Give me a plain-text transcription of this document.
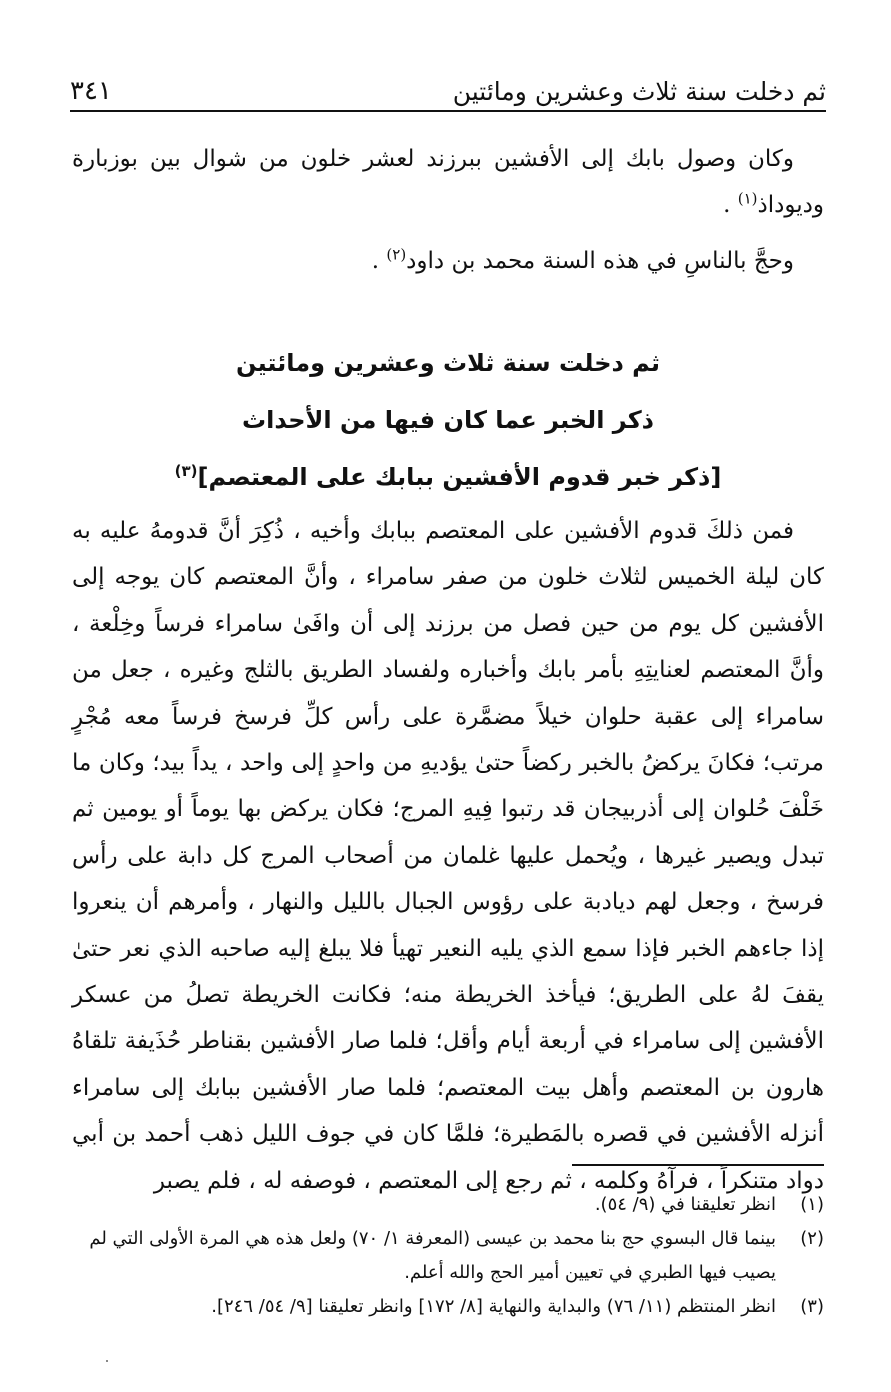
ثم دخلت سنة ثلاث وعشرين ومائتين
٣٤١

وكان وصول بابك إلى الأفشين ببرزند لعشر خلون من شوال بين بوزبارة وديوداذ$^{(١)}$ .

وحجَّ بالناسِ في هذه السنة محمد بن داود$^{(٢)}$ .

ثم دخلت سنة ثلاث وعشرين ومائتين

ذكر الخبر عما كان فيها من الأحداث

[ذكر خبر قدوم الأفشين ببابك على المعتصم]$^{(٣)}$

فمن ذلكَ قدوم الأفشين على المعتصم ببابك وأخيه ، ذُكِرَ أنَّ قدومهُ عليه به كان ليلة الخميس لثلاث خلون من صفر سامراء ، وأنَّ المعتصم كان يوجه إلى الأفشين كل يوم من حين فصل من برزند إلى أن وافَىٰ سامراء فرساً وخِلْعة ، وأنَّ المعتصم لعنايتِهِ بأمر بابك وأخباره ولفساد الطريق بالثلج وغيره ، جعل من سامراء إلى عقبة حلوان خيلاً مضمَّرة على رأس كلِّ فرسخ فرساً معه مُجْرٍ مرتب؛ فكانَ يركضُ بالخبر ركضاً حتىٰ يؤديهِ من واحدٍ إلى واحد ، يداً بيد؛ وكان ما خَلْفَ حُلوان إلى أذربيجان قد رتبوا فِيهِ المرج؛ فكان يركض بها يوماً أو يومين ثم تبدل ويصير غيرها ، ويُحمل عليها غلمان من أصحاب المرج كل دابة على رأس فرسخ ، وجعل لهم ديادبة على رؤوس الجبال بالليل والنهار ، وأمرهم أن ينعروا إذا جاءهم الخبر فإذا سمع الذي يليه النعير تهيأ فلا يبلغ إليه صاحبه الذي نعر حتىٰ يقفَ لهُ على الطريق؛ فيأخذ الخريطة منه؛ فكانت الخريطة تصلُ من عسكر الأفشين إلى سامراء في أربعة أيام وأقل؛ فلما صار الأفشين بقناطر حُذَيفة تلقاهُ هارون بن المعتصم وأهل بيت المعتصم؛ فلما صار الأفشين ببابك إلى سامراء أنزله الأفشين في قصره بالمَطيرة؛ فلمَّا كان في جوف الليل ذهب أحمد بن أبي دواد متنكراً ، فرآهُ وكلمه ، ثم رجع إلى المعتصم ، فوصفه له ، فلم يصبر

(١)
انظر تعليقنا في (٩/ ٥٤).
(٢)
بينما قال البسوي حج بنا محمد بن عيسى (المعرفة ١/ ٧٠) ولعل هذه هي المرة الأولى التي لم يصيب فيها الطبري في تعيين أمير الحج والله أعلم.
(٣)
انظر المنتظم (١١/ ٧٦) والبداية والنهاية [٨/ ١٧٢] وانظر تعليقنا [٩/ ٥٤/ ٢٤٦].
